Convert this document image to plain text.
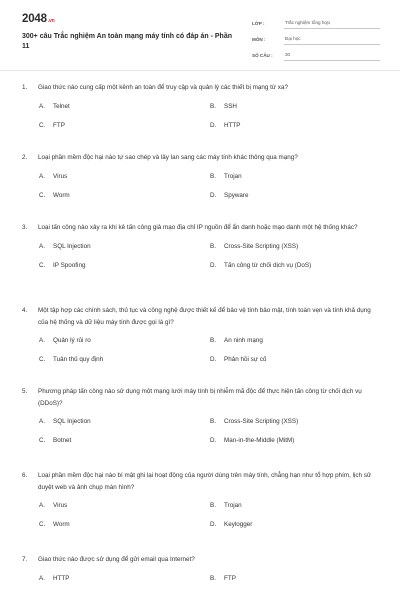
2048.vn
300+ câu Trắc nghiệm An toàn mạng máy tính có đáp án - Phần 11
LỚP :	Trắc nghiệm tổng hợp
MÔN :	Đại học
SỐ CÂU :	30
1.	Giao thức nào cung cấp một kênh an toàn để truy cập và quản lý các thiết bị mạng từ xa?
A.	Telnet	B.	SSH
C.	FTP	D.	HTTP
2.	Loại phần mềm độc hại nào tự sao chép và lây lan sang các máy tính khác thông qua mạng?
A.	Virus	B.	Trojan
C.	Worm	D.	Spyware
3.	Loại tấn công nào xảy ra khi kẻ tấn công giả mạo địa chỉ IP nguồn để ẩn danh hoặc mạo danh một hệ thống khác?
A.	SQL Injection	B.	Cross-Site Scripting (XSS)
C.	IP Spoofing	D.	Tấn công từ chối dịch vụ (DoS)
4.	Một tập hợp các chính sách, thủ tục và công nghệ được thiết kế để bảo vệ tính bảo mật, tính toàn vẹn và tính khả dụng của hệ thống và dữ liệu máy tính được gọi là gì?
A.	Quản lý rủi ro	B.	An ninh mạng
C.	Tuân thủ quy định	D.	Phản hồi sự cố
5.	Phương pháp tấn công nào sử dụng một mạng lưới máy tính bị nhiễm mã độc để thực hiện tấn công từ chối dịch vụ (DDoS)?
A.	SQL Injection	B.	Cross-Site Scripting (XSS)
C.	Botnet	D.	Man-in-the-Middle (MitM)
6.	Loại phần mềm độc hại nào bí mật ghi lại hoạt động của người dùng trên máy tính, chẳng hạn như tổ hợp phím, lịch sử duyệt web và ảnh chụp màn hình?
A.	Virus	B.	Trojan
C.	Worm	D.	Keylogger
7.	Giao thức nào được sử dụng để gửi email qua Internet?
A.	HTTP	B.	FTP
